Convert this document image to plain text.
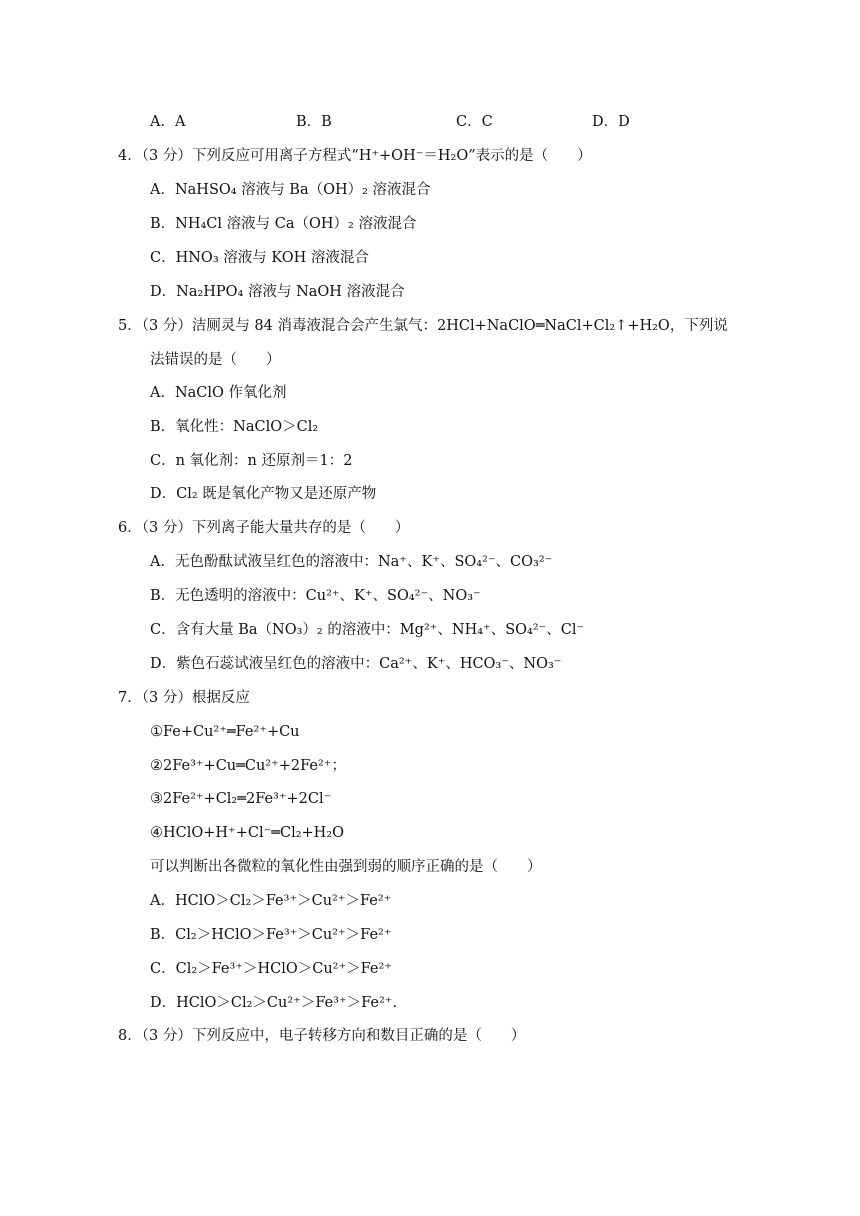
A．A	B．B	C．C	D．D
4．（3 分）下列反应可用离子方程式“H⁺+OH⁻＝H₂O”表示的是（　　）
A．NaHSO₄ 溶液与 Ba（OH）₂ 溶液混合
B．NH₄Cl 溶液与 Ca（OH）₂ 溶液混合
C．HNO₃ 溶液与 KOH 溶液混合
D．Na₂HPO₄ 溶液与 NaOH 溶液混合
5．（3 分）洁厕灵与 84 消毒液混合会产生氯气：2HCl+NaClO═NaCl+Cl₂↑+H₂O，下列说
法错误的是（　　）
A．NaClO 作氧化剂
B．氧化性：NaClO＞Cl₂
C．n 氧化剂：n 还原剂＝1：2
D．Cl₂ 既是氧化产物又是还原产物
6．（3 分）下列离子能大量共存的是（　　）
A．无色酚酞试液呈红色的溶液中：Na⁺、K⁺、SO₄²⁻、CO₃²⁻
B．无色透明的溶液中：Cu²⁺、K⁺、SO₄²⁻、NO₃⁻
C．含有大量 Ba（NO₃）₂ 的溶液中：Mg²⁺、NH₄⁺、SO₄²⁻、Cl⁻
D．紫色石蕊试液呈红色的溶液中：Ca²⁺、K⁺、HCO₃⁻、NO₃⁻
7．（3 分）根据反应
①Fe+Cu²⁺═Fe²⁺+Cu
②2Fe³⁺+Cu═Cu²⁺+2Fe²⁺；
③2Fe²⁺+Cl₂═2Fe³⁺+2Cl⁻
④HClO+H⁺+Cl⁻═Cl₂+H₂O
可以判断出各微粒的氧化性由强到弱的顺序正确的是（　　）
A．HClO＞Cl₂＞Fe³⁺＞Cu²⁺＞Fe²⁺
B．Cl₂＞HClO＞Fe³⁺＞Cu²⁺＞Fe²⁺
C．Cl₂＞Fe³⁺＞HClO＞Cu²⁺＞Fe²⁺
D．HClO＞Cl₂＞Cu²⁺＞Fe³⁺＞Fe²⁺.
8．（3 分）下列反应中，电子转移方向和数目正确的是（　　）
